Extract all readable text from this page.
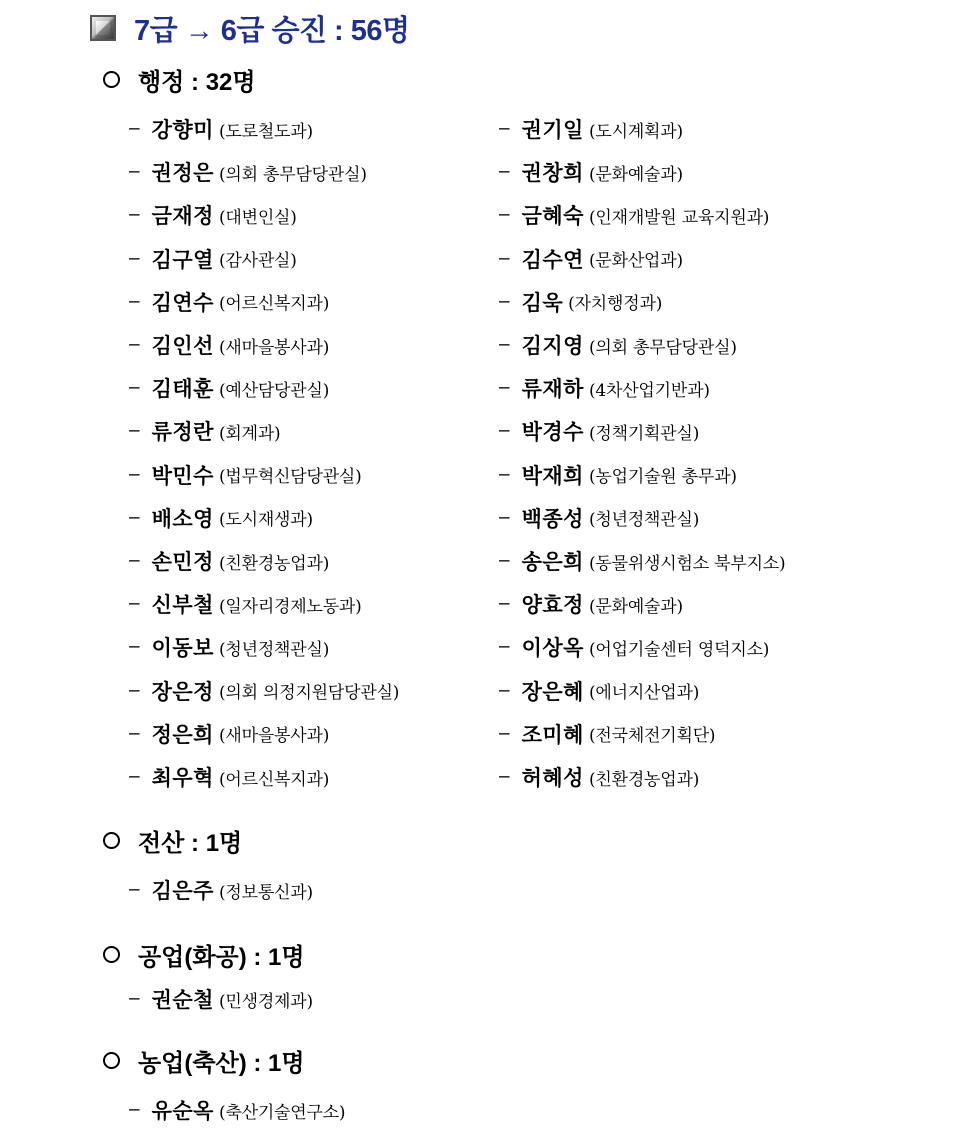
7급 → 6급 승진 : 56명
행정 : 32명
– 강향미 (도로철도과)
– 권정은 (의회 총무담당관실)
– 금재정 (대변인실)
– 김구열 (감사관실)
– 김연수 (어르신복지과)
– 김인선 (새마을봉사과)
– 김태훈 (예산담당관실)
– 류정란 (회계과)
– 박민수 (법무혁신담당관실)
– 배소영 (도시재생과)
– 손민정 (친환경농업과)
– 신부철 (일자리경제노동과)
– 이동보 (청년정책관실)
– 장은정 (의회 의정지원담당관실)
– 정은희 (새마을봉사과)
– 최우혁 (어르신복지과)
– 권기일 (도시계획과)
– 권창희 (문화예술과)
– 금혜숙 (인재개발원 교육지원과)
– 김수연 (문화산업과)
– 김욱 (자치행정과)
– 김지영 (의회 총무담당관실)
– 류재하 (4차산업기반과)
– 박경수 (정책기획관실)
– 박재희 (농업기술원 총무과)
– 백종성 (청년정책관실)
– 송은희 (동물위생시험소 북부지소)
– 양효정 (문화예술과)
– 이상옥 (어업기술센터 영덕지소)
– 장은혜 (에너지산업과)
– 조미혜 (전국체전기획단)
– 허혜성 (친환경농업과)
전산 : 1명
– 김은주 (정보통신과)
공업(화공) : 1명
– 권순철 (민생경제과)
농업(축산) : 1명
– 유순옥 (축산기술연구소)
